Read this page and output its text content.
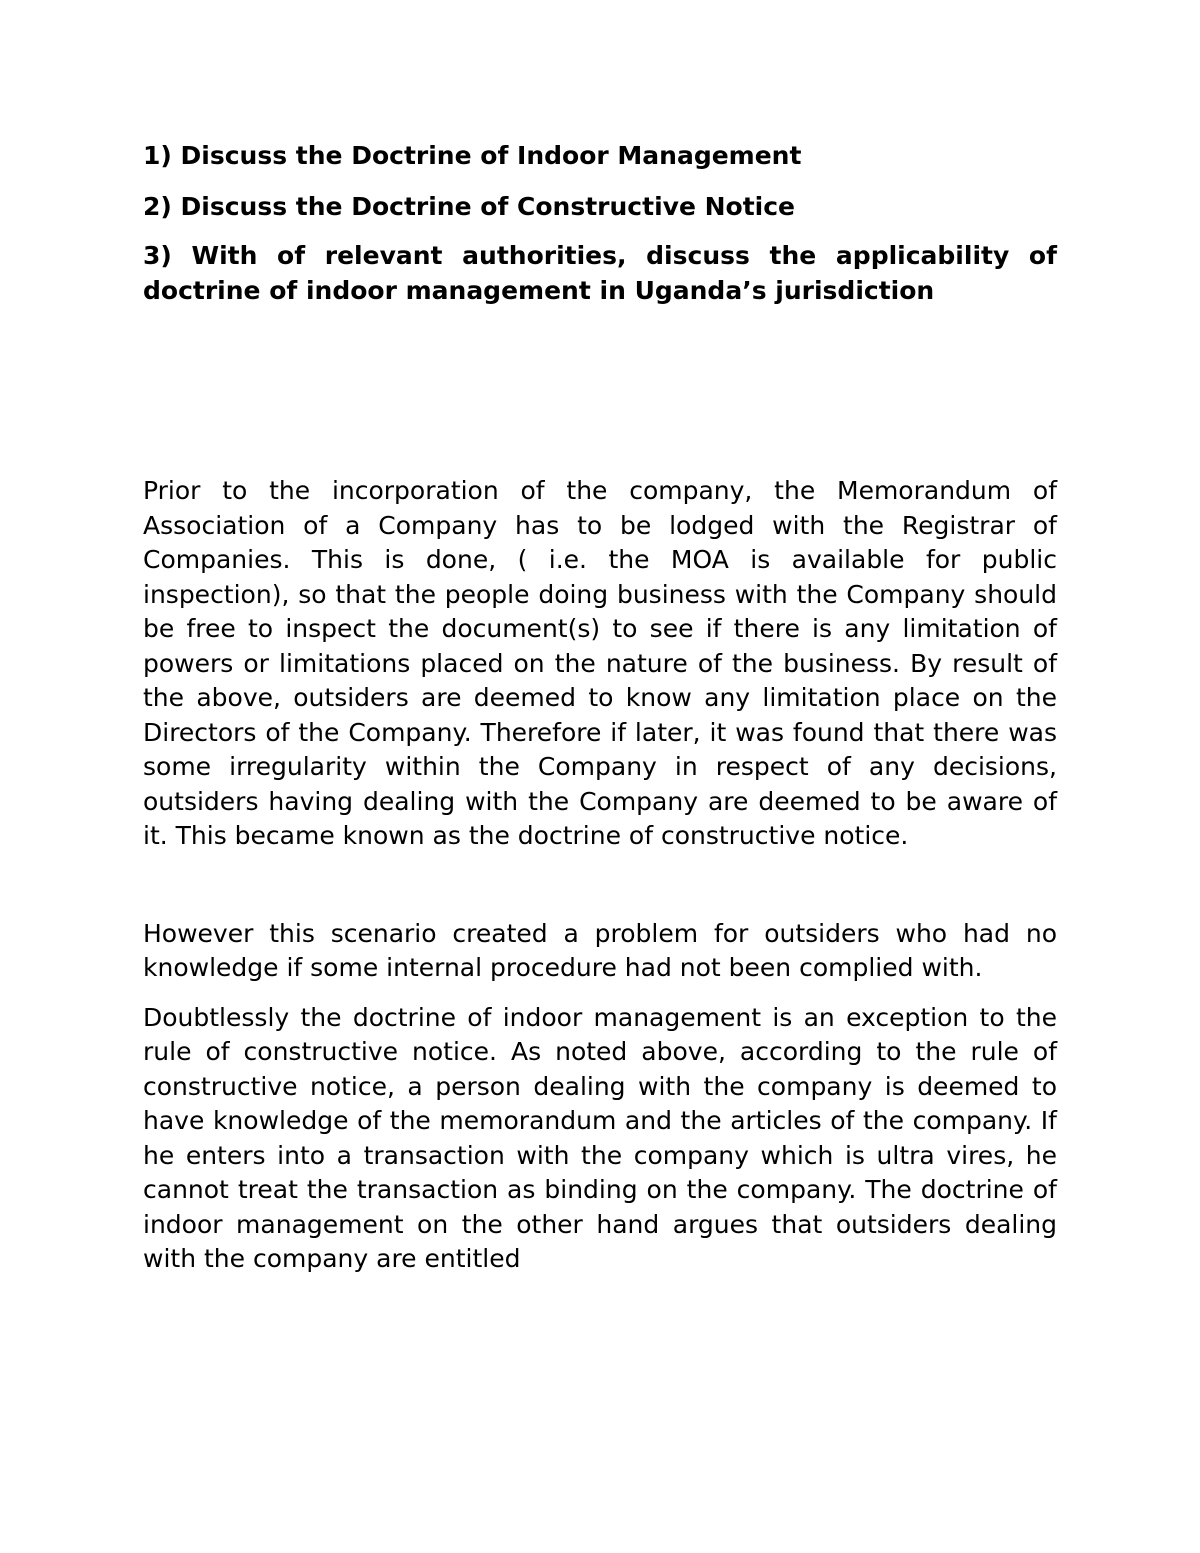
1) Discuss the Doctrine of Indoor Management

2) Discuss the Doctrine of Constructive Notice

3) With of relevant authorities, discuss the applicability of doctrine of indoor management in Uganda’s jurisdiction

Prior to the incorporation of the company, the Memorandum of Association of a Company has to be lodged with the Registrar of Companies. This is done, ( i.e. the MOA is available for public inspection), so that the people doing business with the Company should be free to inspect the document(s) to see if there is any limitation of powers or limitations placed on the nature of the business. By result of the above, outsiders are deemed to know any limitation place on the Directors of the Company. Therefore if later, it was found that there was some irregularity within the Company in respect of any decisions, outsiders having dealing with the Company are deemed to be aware of it. This became known as the doctrine of constructive notice.

However this scenario created a problem for outsiders who had no knowledge if some internal procedure had not been complied with.

Doubtlessly the doctrine of indoor management is an exception to the rule of constructive notice. As noted above, according to the rule of constructive notice, a person dealing with the company is deemed to have knowledge of the memorandum and the articles of the company. If he enters into a transaction with the company which is ultra vires, he cannot treat the transaction as binding on the company. The doctrine of indoor management on the other hand argues that outsiders dealing with the company are entitled
